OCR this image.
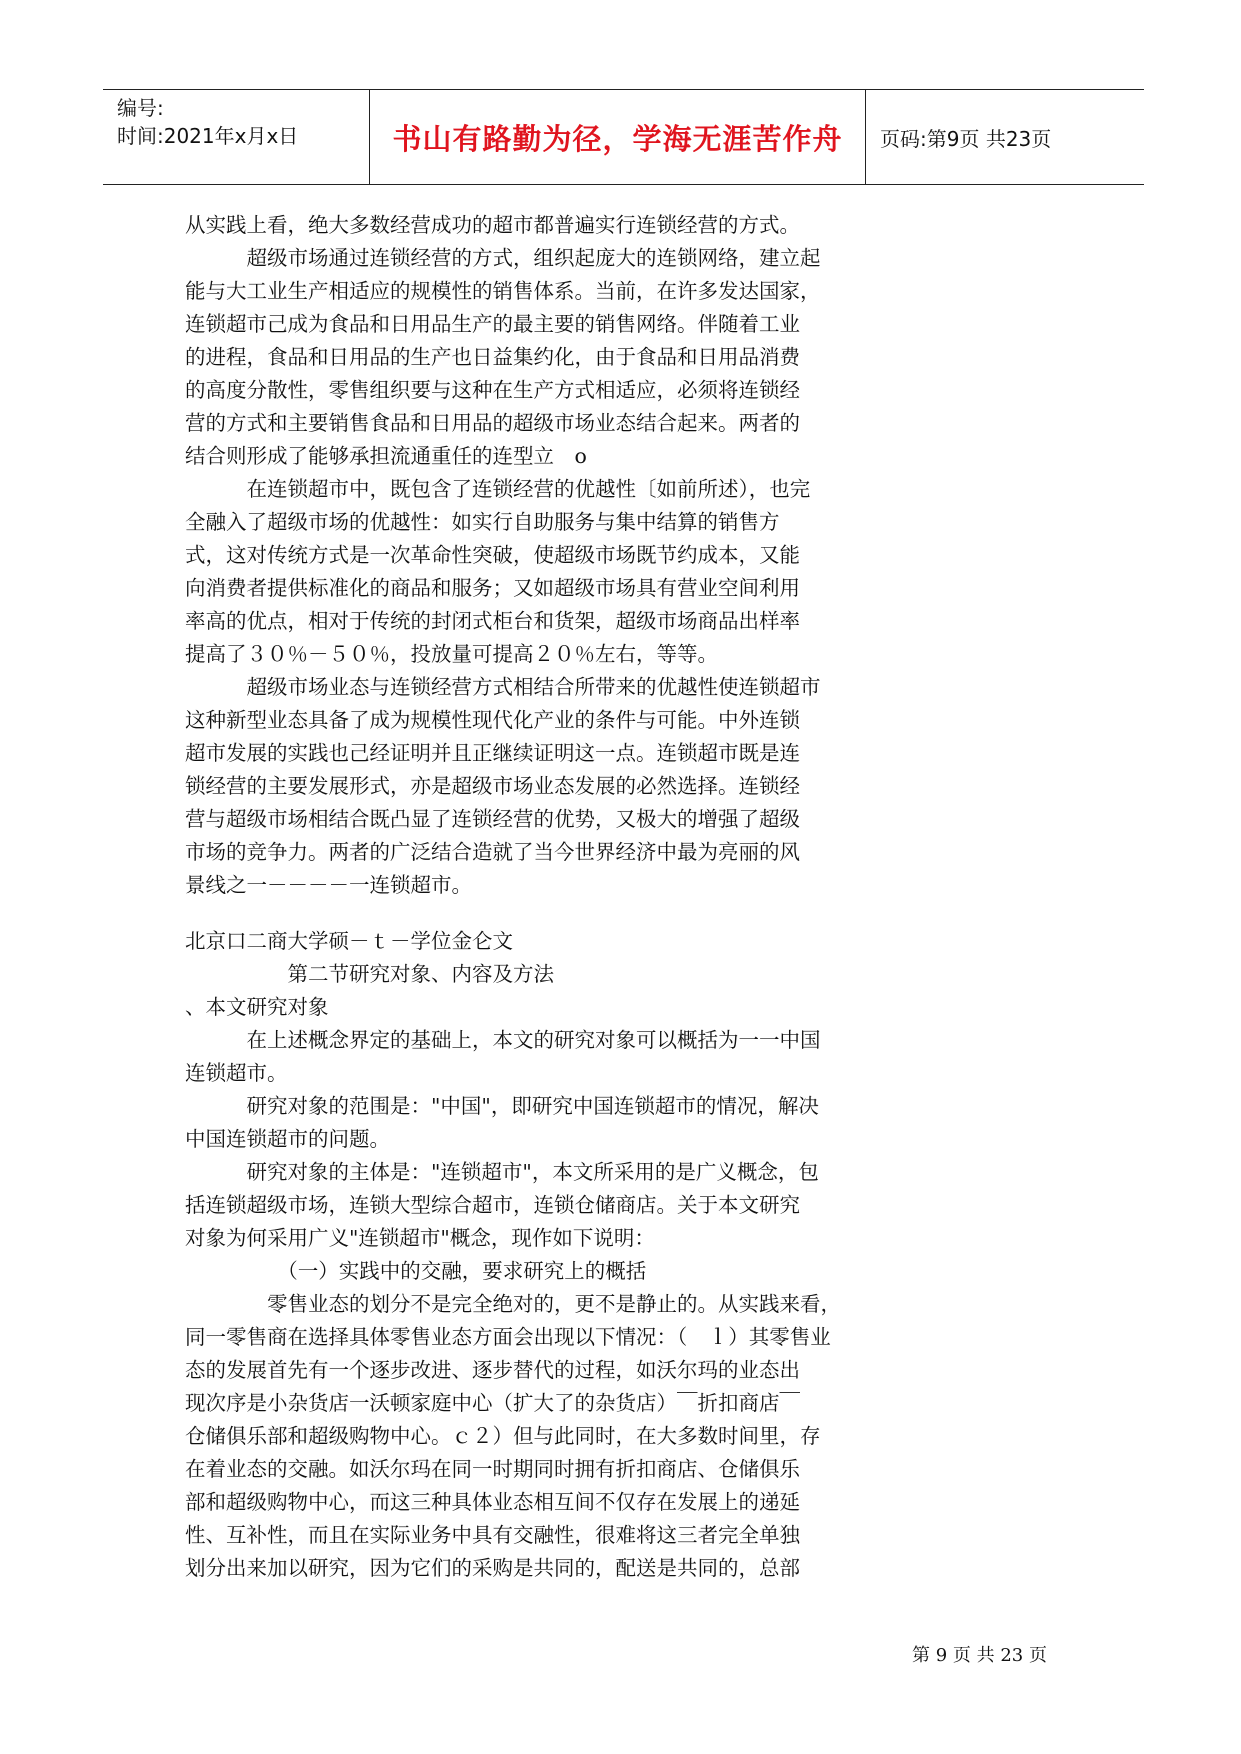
编号:
时间:2021年x月x日	书山有路勤为径，学海无涯苦作舟 页码:第9页 共23页
从实践上看，绝大多数经营成功的超市都普遍实行连锁经营的方式。
　　　超级市场通过连锁经营的方式，组织起庞大的连锁网络，建立起
能与大工业生产相适应的规模性的销售体系。当前，在许多发达国家，
连锁超市己成为食品和日用品生产的最主要的销售网络。伴随着工业
的进程，食品和日用品的生产也日益集约化，由于食品和日用品消费
的高度分散性，零售组织要与这种在生产方式相适应，必须将连锁经
营的方式和主要销售食品和日用品的超级市场业态结合起来。两者的
结合则形成了能够承担流通重任的连型立　o
　　　在连锁超市中，既包含了连锁经营的优越性〔如前所述），也完
全融入了超级市场的优越性：如实行自助服务与集中结算的销售方
式，这对传统方式是一次革命性突破，使超级市场既节约成本，又能
向消费者提供标准化的商品和服务；又如超级市场具有营业空间利用
率高的优点，相对于传统的封闭式柜台和货架，超级市场商品出样率
提高了３０％－５０％，投放量可提高２０％左右，等等。
　　　超级市场业态与连锁经营方式相结合所带来的优越性使连锁超市
这种新型业态具备了成为规模性现代化产业的条件与可能。中外连锁
超市发展的实践也己经证明并且正继续证明这一点。连锁超市既是连
锁经营的主要发展形式，亦是超级市场业态发展的必然选择。连锁经
营与超级市场相结合既凸显了连锁经营的优势，又极大的增强了超级
市场的竞争力。两者的广泛结合造就了当今世界经济中最为亮丽的风
景线之一－－－－一连锁超市。
北京口二商大学硕－ｔ－学位金仑文
　　　　　第二节研究对象、内容及方法
、本文研究对象
　　　在上述概念界定的基础上，本文的研究对象可以概括为一一中国
连锁超市。
　　　研究对象的范围是："中国"，即研究中国连锁超市的情况，解决
中国连锁超市的问题。
　　　研究对象的主体是："连锁超市"，本文所采用的是广义概念，包
括连锁超级市场，连锁大型综合超市，连锁仓储商店。关于本文研究
对象为何采用广义"连锁超市"概念，现作如下说明：
　　　　　（一）实践中的交融，要求研究上的概括
　　　　零售业态的划分不是完全绝对的，更不是静止的。从实践来看，
同一零售商在选择具体零售业态方面会出现以下情况：（　ｌ）其零售业
态的发展首先有一个逐步改进、逐步替代的过程，如沃尔玛的业态出
现次序是小杂货店一沃顿家庭中心（扩大了的杂货店）￣折扣商店￣
仓储俱乐部和超级购物中心。ｃ２）但与此同时，在大多数时间里，存
在着业态的交融。如沃尔玛在同一时期同时拥有折扣商店、仓储俱乐
部和超级购物中心，而这三种具体业态相互间不仅存在发展上的递延
性、互补性，而且在实际业务中具有交融性，很难将这三者完全单独
划分出来加以研究，因为它们的采购是共同的，配送是共同的，总部
第 9 页 共 23 页
